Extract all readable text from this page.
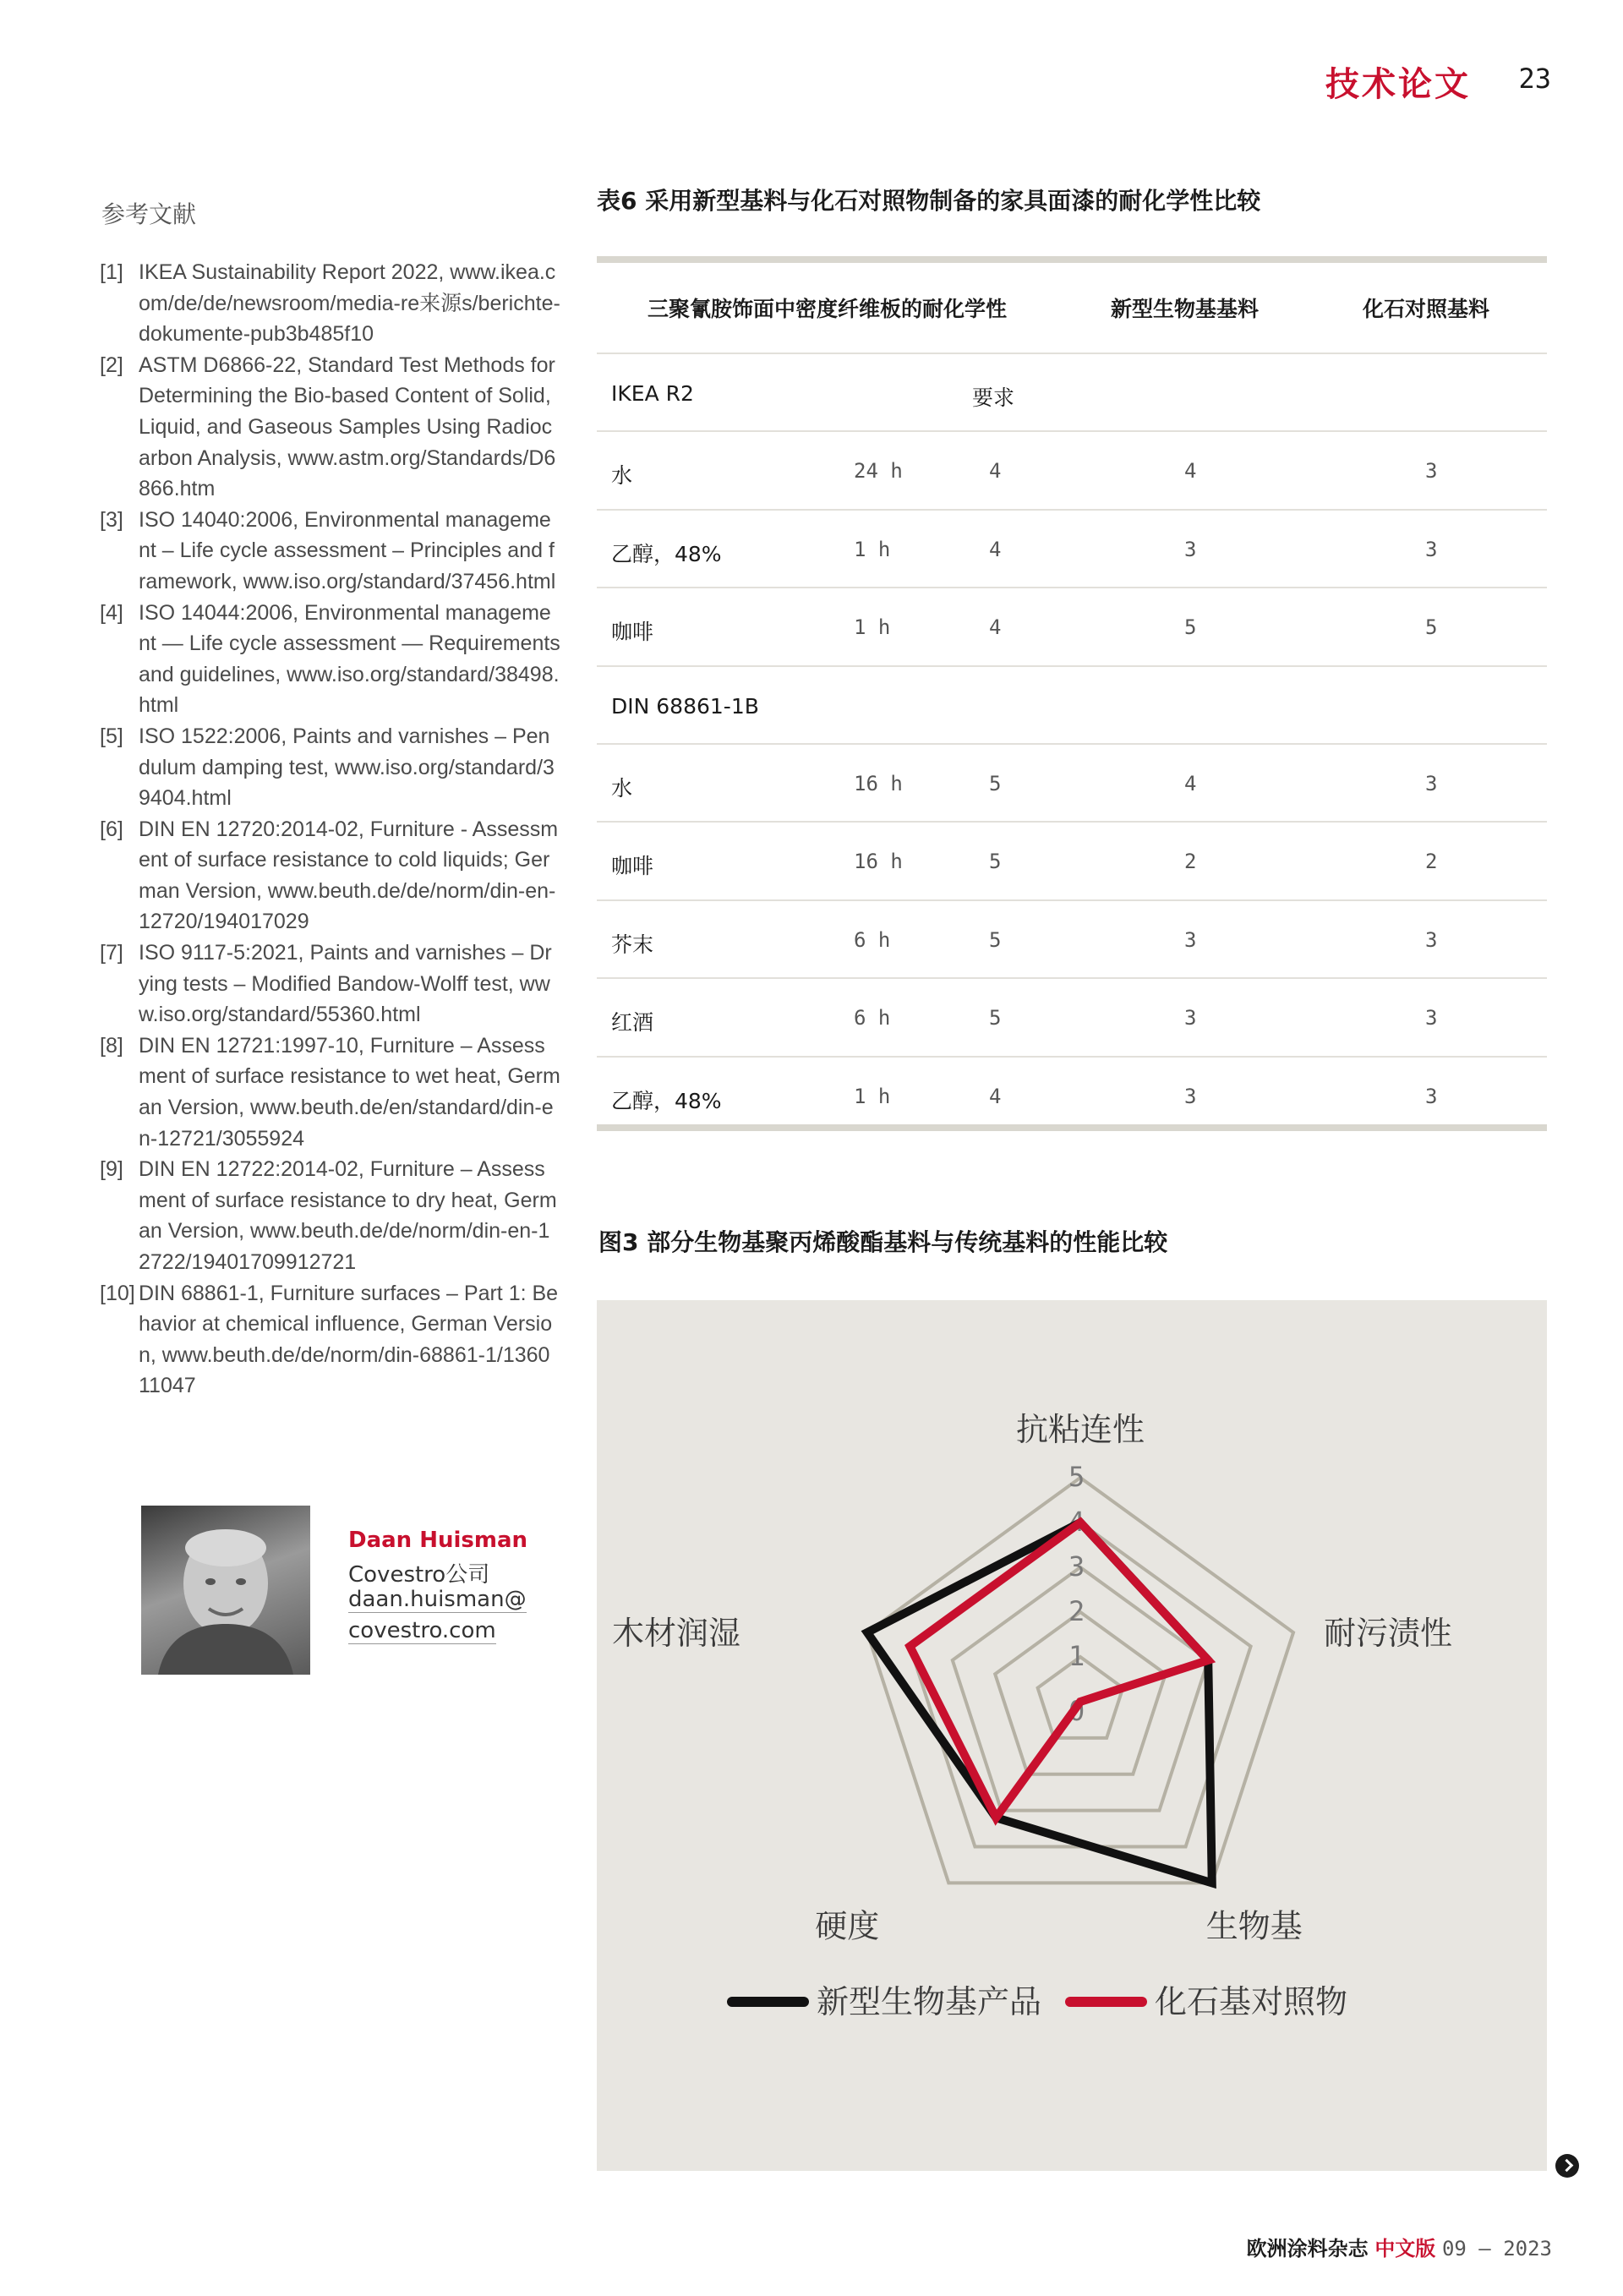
技术论文 23
参考文献
[1] IKEA Sustainability Report 2022, www.ikea.com/de/de/newsroom/media-re来源s/berichte-dokumente-pub3b485f10
[2] ASTM D6866-22, Standard Test Methods for Determining the Bio-based Content of Solid, Liquid, and Gaseous Samples Using Radiocarbon Analysis, www.astm.org/Standards/D6866.htm
[3] ISO 14040:2006, Environmental management – Life cycle assessment – Principles and framework, www.iso.org/standard/37456.html
[4] ISO 14044:2006, Environmental management — Life cycle assessment — Requirements and guidelines, www.iso.org/standard/38498.html
[5] ISO 1522:2006, Paints and varnishes – Pendulum damping test, www.iso.org/standard/39404.html
[6] DIN EN 12720:2014-02, Furniture - Assessment of surface resistance to cold liquids; German Version, www.beuth.de/de/norm/din-en-12720/194017029
[7] ISO 9117-5:2021, Paints and varnishes – Drying tests – Modified Bandow-Wolff test, www.iso.org/standard/55360.html
[8] DIN EN 12721:1997-10, Furniture – Assessment of surface resistance to wet heat, German Version, www.beuth.de/en/standard/din-en-12721/3055924
[9] DIN EN 12722:2014-02, Furniture – Assessment of surface resistance to dry heat, German Version, www.beuth.de/de/norm/din-en-12722/19401709912721
[10] DIN 68861-1, Furniture surfaces – Part 1: Behavior at chemical influence, German Version, www.beuth.de/de/norm/din-68861-1/136011047
Daan Huisman
Covestro公司
daan.huisman@
covestro.com
表6 采用新型基料与化石对照物制备的家具面漆的耐化学性比较
三聚氰胺饰面中密度纤维板的耐化学性	新型生物基基料	化石对照基料
IKEA R2	要求
水	24 h	4	4	3
乙醇，48%	1 h	4	3	3
咖啡	1 h	4	5	5
DIN 68861-1B
水	16 h	5	4	3
咖啡	16 h	5	2	2
芥末	6 h	5	3	3
红酒	6 h	5	3	3
乙醇，48%	1 h	4	3	3
图3 部分生物基聚丙烯酸酯基料与传统基料的性能比较
0
1
2
3
4
5
抗粘连性
耐污渍性
生物基
硬度
木材润湿
新型生物基产品	化石基对照物
欧洲涂料杂志 中文版 09 – 2023
